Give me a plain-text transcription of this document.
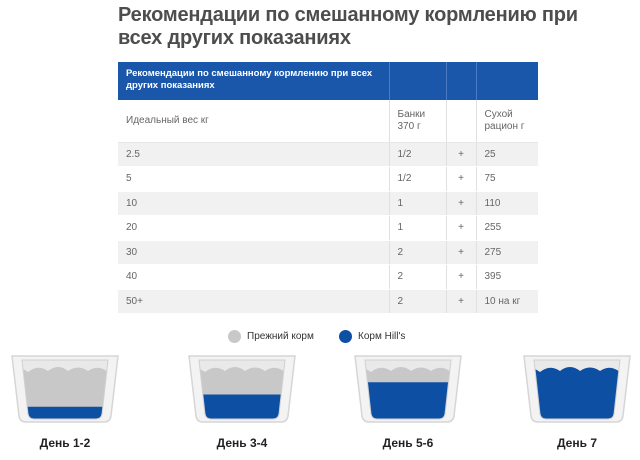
Рекомендации по смешанному кормлению при всех других показаниях
Рекомендации по смешанному кормлению при всех других показаниях			
Идеальный вес кг	Банки 370 г		Сухой рацион г
2.5	1/2	+	25
5	1/2	+	75
10	1	+	110
20	1	+	255
30	2	+	275
40	2	+	395
50+	2	+	10 на кг
Прежний корм	Корм Hill's
День 1-2	День 3-4	День 5-6	День 7
